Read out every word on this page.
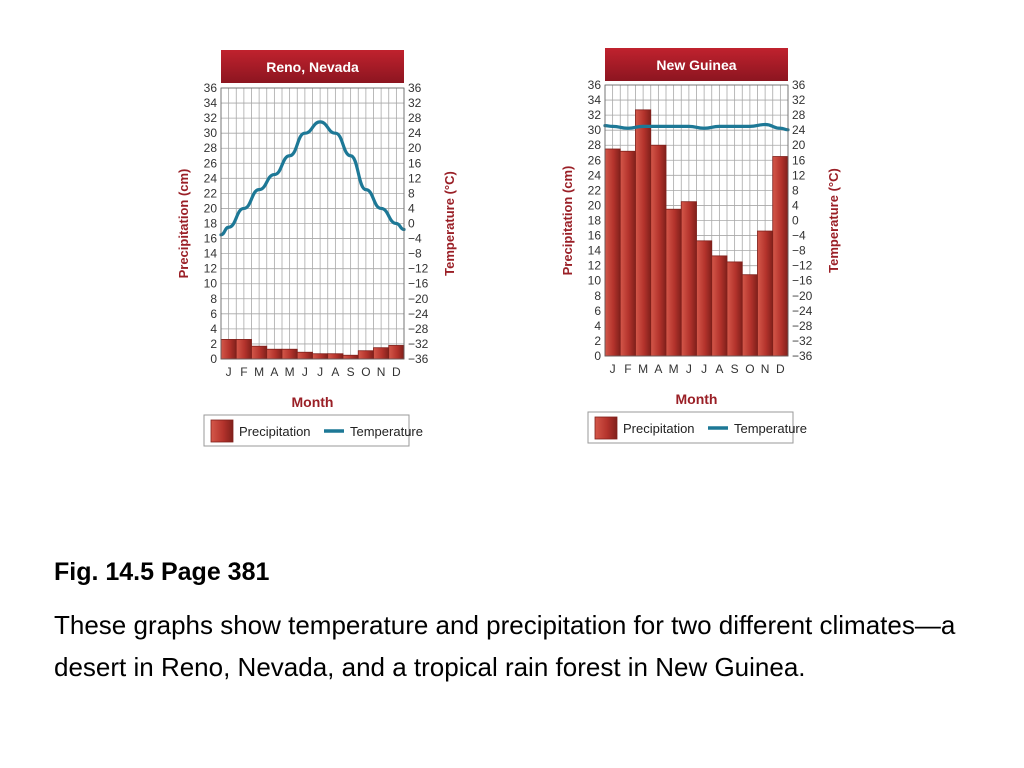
Reno, Nevada
36
34
32
30
28
26
24
22
20
18
16
14
12
10
8
6
4
2
0
36
32
28
24
20
16
12
8
4
0
−4
−8
−12
−16
−20
−24
−28
−32
−36
J F M A M J J A S O N D
Month
Precipitation (cm)	Temperature (°C)
Precipitation	Temperature
New Guinea
36
34
32
30
28
26
24
22
20
18
16
14
12
10
8
6
4
2
0
36
32
28
24
20
16
12
8
4
0
−4
−8
−12
−16
−20
−24
−28
−32
−36
J F M A M J J A S O N D
Month
Precipitation (cm)	Temperature (°C)
Precipitation	Temperature
Fig. 14.5 Page 381
These graphs show temperature and precipitation for two different climates—a desert in Reno, Nevada, and a tropical rain forest in New Guinea.
